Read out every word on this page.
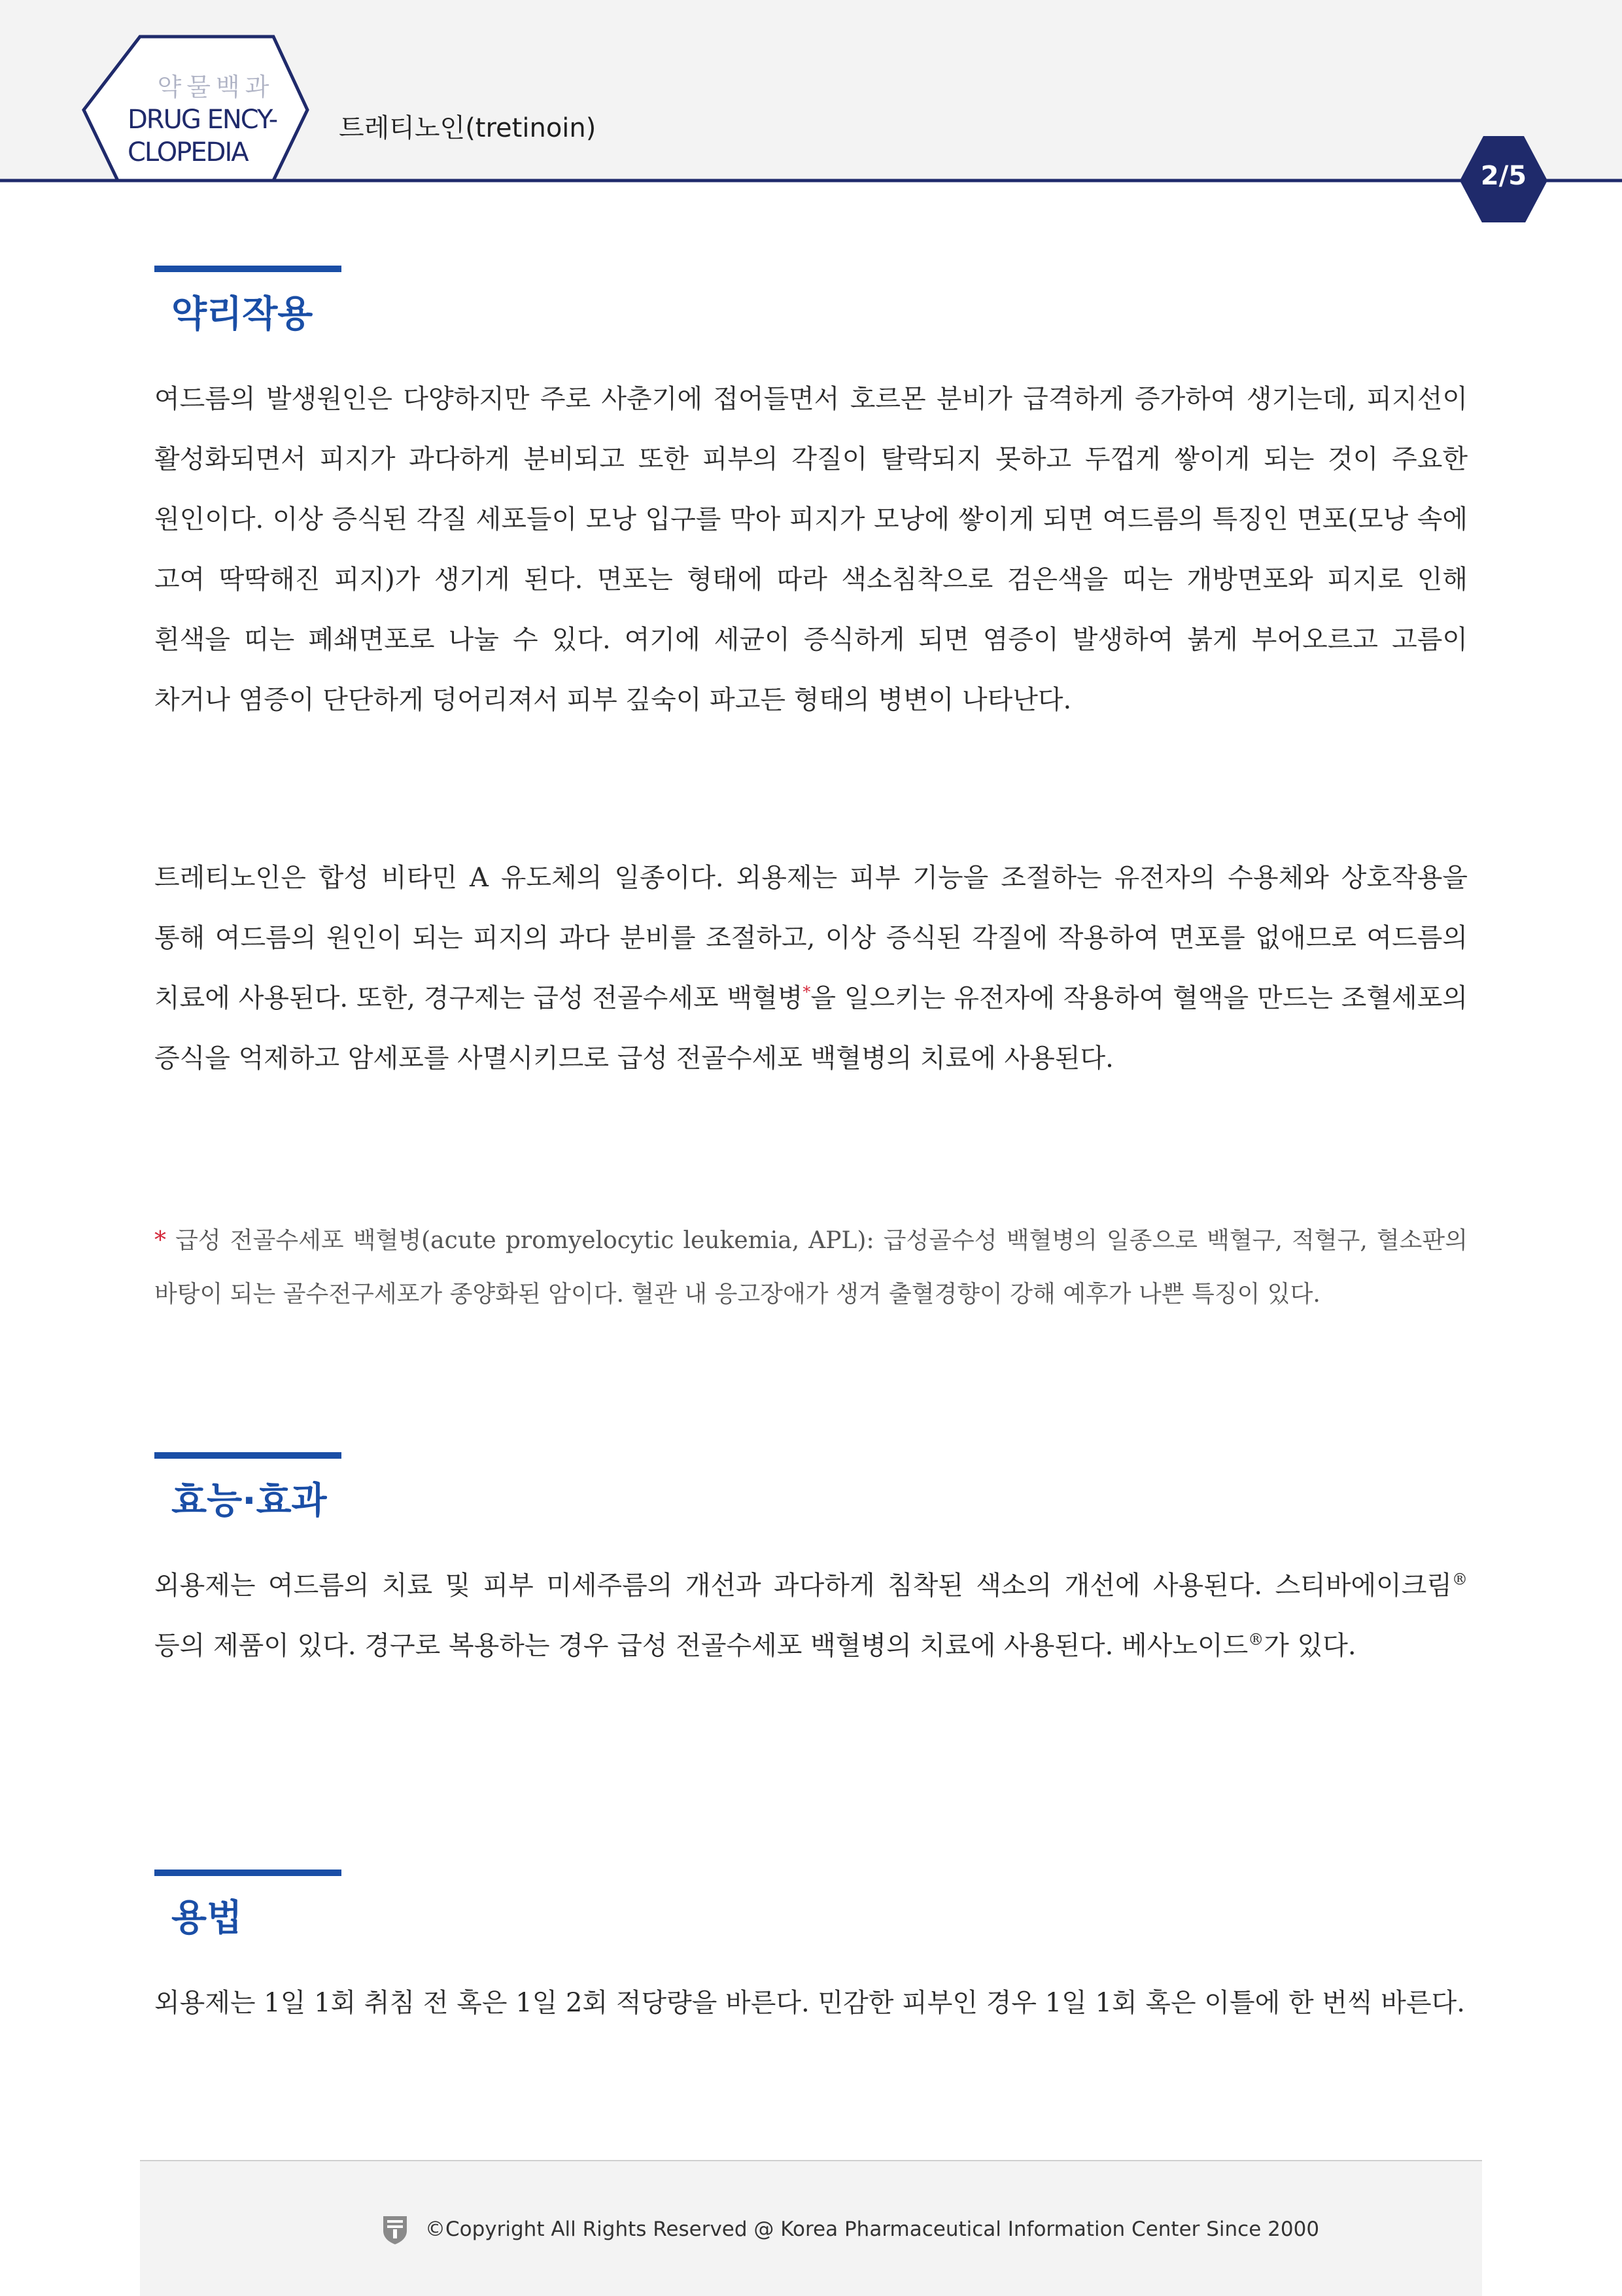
약물백과
DRUG ENCY-
CLOPEDIA
트레티노인(tretinoin)
2/5
약리작용
여드름의 발생원인은 다양하지만 주로 사춘기에 접어들면서 호르몬 분비가 급격하게 증가하여 생기는데, 피지선이 활성화되면서 피지가 과다하게 분비되고 또한 피부의 각질이 탈락되지 못하고 두껍게 쌓이게 되는 것이 주요한 원인이다. 이상 증식된 각질 세포들이 모낭 입구를 막아 피지가 모낭에 쌓이게 되면 여드름의 특징인 면포(모낭 속에 고여 딱딱해진 피지)가 생기게 된다. 면포는 형태에 따라 색소침착으로 검은색을 띠는 개방면포와 피지로 인해 흰색을 띠는 폐쇄면포로 나눌 수 있다. 여기에 세균이 증식하게 되면 염증이 발생하여 붉게 부어오르고 고름이 차거나 염증이 단단하게 덩어리져서 피부 깊숙이 파고든 형태의 병변이 나타난다.
트레티노인은 합성 비타민 A 유도체의 일종이다. 외용제는 피부 기능을 조절하는 유전자의 수용체와 상호작용을 통해 여드름의 원인이 되는 피지의 과다 분비를 조절하고, 이상 증식된 각질에 작용하여 면포를 없애므로 여드름의 치료에 사용된다. 또한, 경구제는 급성 전골수세포 백혈병*을 일으키는 유전자에 작용하여 혈액을 만드는 조혈세포의 증식을 억제하고 암세포를 사멸시키므로 급성 전골수세포 백혈병의 치료에 사용된다.
* 급성 전골수세포 백혈병(acute promyelocytic leukemia, APL): 급성골수성 백혈병의 일종으로 백혈구, 적혈구, 혈소판의 바탕이 되는 골수전구세포가 종양화된 암이다. 혈관 내 응고장애가 생겨 출혈경향이 강해 예후가 나쁜 특징이 있다.
효능·효과
외용제는 여드름의 치료 및 피부 미세주름의 개선과 과다하게 침착된 색소의 개선에 사용된다. 스티바에이크림® 등의 제품이 있다. 경구로 복용하는 경우 급성 전골수세포 백혈병의 치료에 사용된다. 베사노이드®가 있다.
용법
외용제는 1일 1회 취침 전 혹은 1일 2회 적당량을 바른다. 민감한 피부인 경우 1일 1회 혹은 이틀에 한 번씩 바른다.
©Copyright All Rights Reserved @ Korea Pharmaceutical Information Center Since 2000
